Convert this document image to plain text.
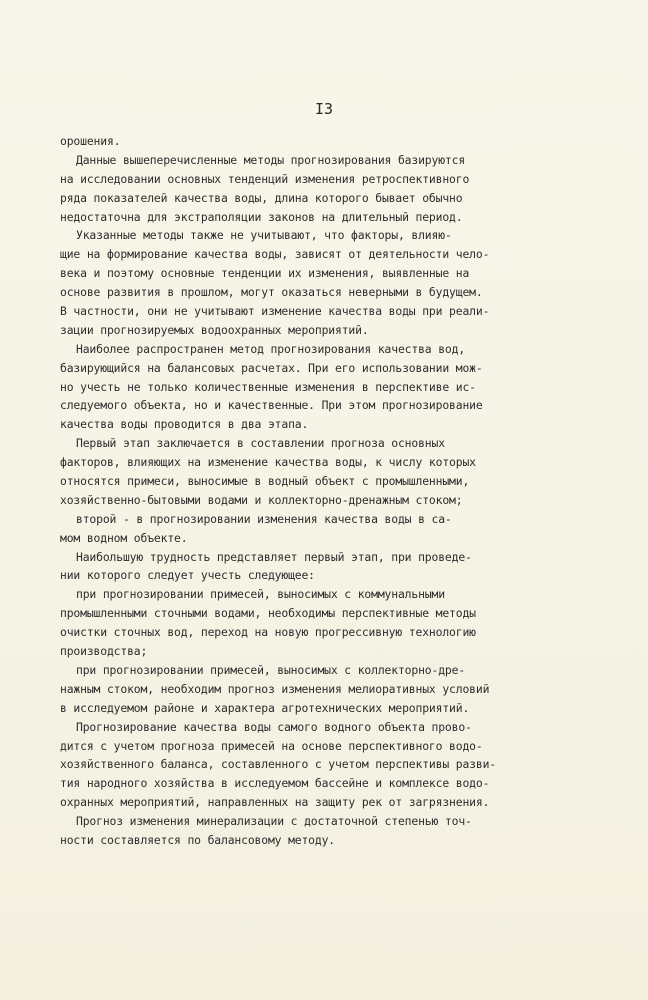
I3
орошения.
Данные вышеперечисленные методы прогнозирования базируются
на исследовании основных тенденций изменения ретроспективного
ряда показателей качества воды, длина которого бывает обычно
недостаточна для экстраполяции законов на длительный период.
Указанные методы также не учитывают, что факторы, влияю-
щие на формирование качества воды, зависят от деятельности чело-
века и поэтому основные тенденции их изменения, выявленные на
основе развития в прошлом, могут оказаться неверными в будущем.
В частности, они не учитывают изменение качества воды при реали-
зации прогнозируемых водоохранных мероприятий.
Наиболее распространен метод прогнозирования качества вод,
базирующийся на балансовых расчетах. При его использовании мож-
но учесть не только количественные изменения в перспективе ис-
следуемого объекта, но и качественные. При этом прогнозирование
качества воды проводится в два этапа.
Первый этап заключается в составлении прогноза основных
факторов, влияющих на изменение качества воды, к числу которых
относятся примеси, выносимые в водный объект с промышленными,
хозяйственно-бытовыми водами и коллекторно-дренажным стоком;
второй - в прогнозировании изменения качества воды в са-
мом водном объекте.
Наибольшую трудность представляет первый этап, при проведе-
нии которого следует учесть следующее:
при прогнозировании примесей, выносимых с коммунальными
промышленными сточными водами, необходимы перспективные методы
очистки сточных вод, переход на новую прогрессивную технологию
производства;
при прогнозировании примесей, выносимых с коллекторно-дре-
нажным стоком, необходим прогноз изменения мелиоративных условий
в исследуемом районе и характера агротехнических мероприятий.
Прогнозирование качества воды самого водного объекта прово-
дится с учетом прогноза примесей на основе перспективного водо-
хозяйственного баланса, составленного с учетом перспективы разви-
тия народного хозяйства в исследуемом бассейне и комплексе водо-
охранных мероприятий, направленных на защиту рек от загрязнения.
Прогноз изменения минерализации с достаточной степенью точ-
ности составляется по балансовому методу.
